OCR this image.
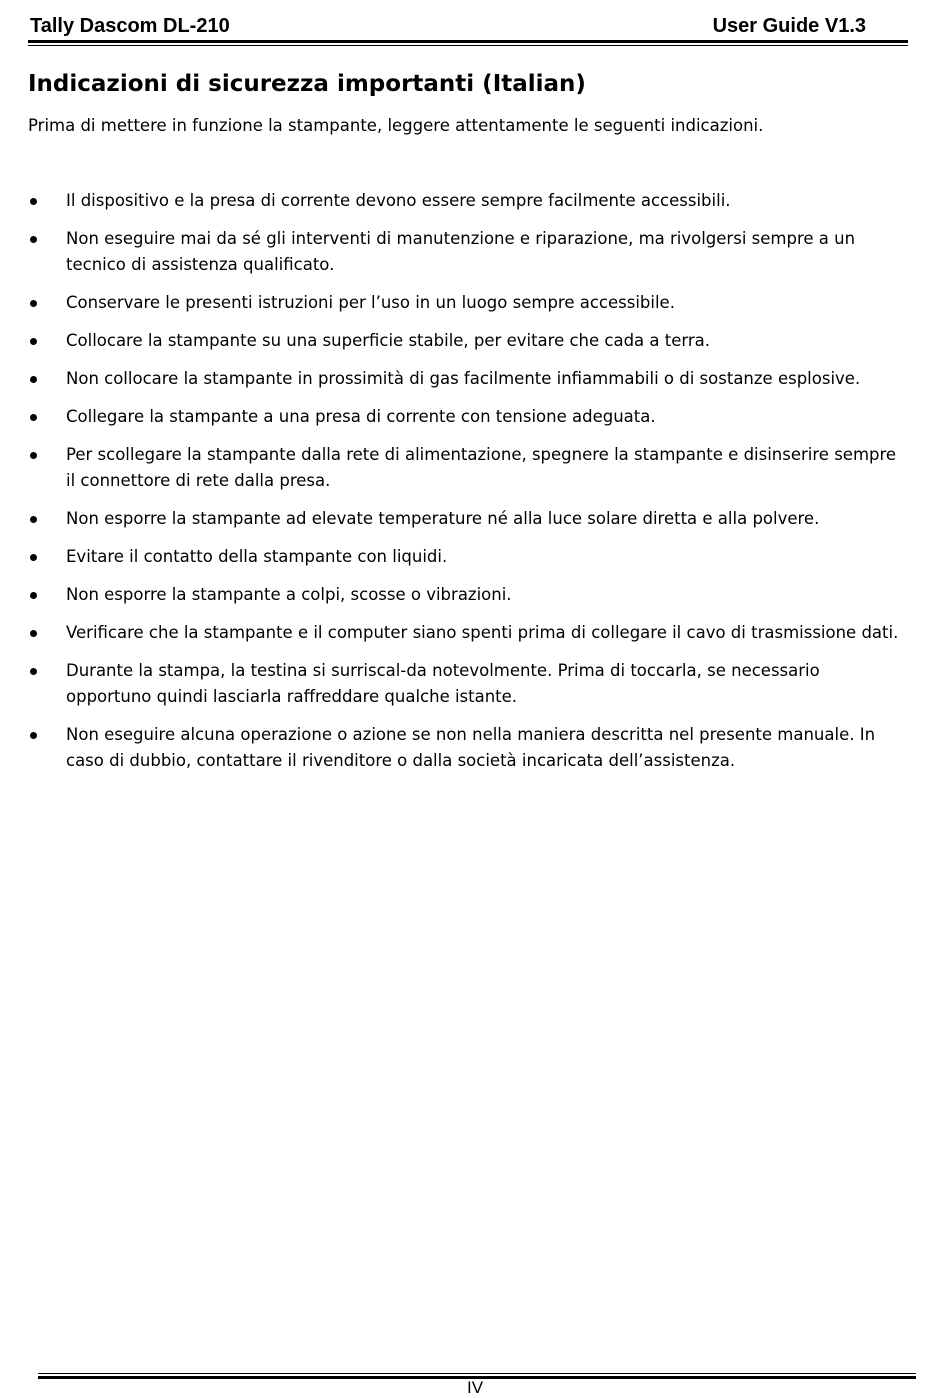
Tally Dascom DL-210	User Guide V1.3
Indicazioni di sicurezza importanti (Italian)

Prima di mettere in funzione la stampante, leggere attentamente le seguenti indicazioni.

Il dispositivo e la presa di corrente devono essere sempre facilmente accessibili.
Non eseguire mai da sé gli interventi di manutenzione e riparazione, ma rivolgersi sempre a un tecnico di assistenza qualificato.
Conservare le presenti istruzioni per l’uso in un luogo sempre accessibile.
Collocare la stampante su una superficie stabile, per evitare che cada a terra.
Non collocare la stampante in prossimità di gas facilmente infiammabili o di sostanze esplosive.
Collegare la stampante a una presa di corrente con tensione adeguata.
Per scollegare la stampante dalla rete di alimentazione, spegnere la stampante e disinserire sempre il connettore di rete dalla presa.
Non esporre la stampante ad elevate temperature né alla luce solare diretta e alla polvere.
Evitare il contatto della stampante con liquidi.
Non esporre la stampante a colpi, scosse o vibrazioni.
Verificare che la stampante e il computer siano spenti prima di collegare il cavo di trasmissione dati.
Durante la stampa, la testina si surriscal-da notevolmente. Prima di toccarla, se necessario opportuno quindi lasciarla raffreddare qualche istante.
Non eseguire alcuna operazione o azione se non nella maniera descritta nel presente manuale. In caso di dubbio, contattare il rivenditore o dalla società incaricata dell’assistenza.
IV
